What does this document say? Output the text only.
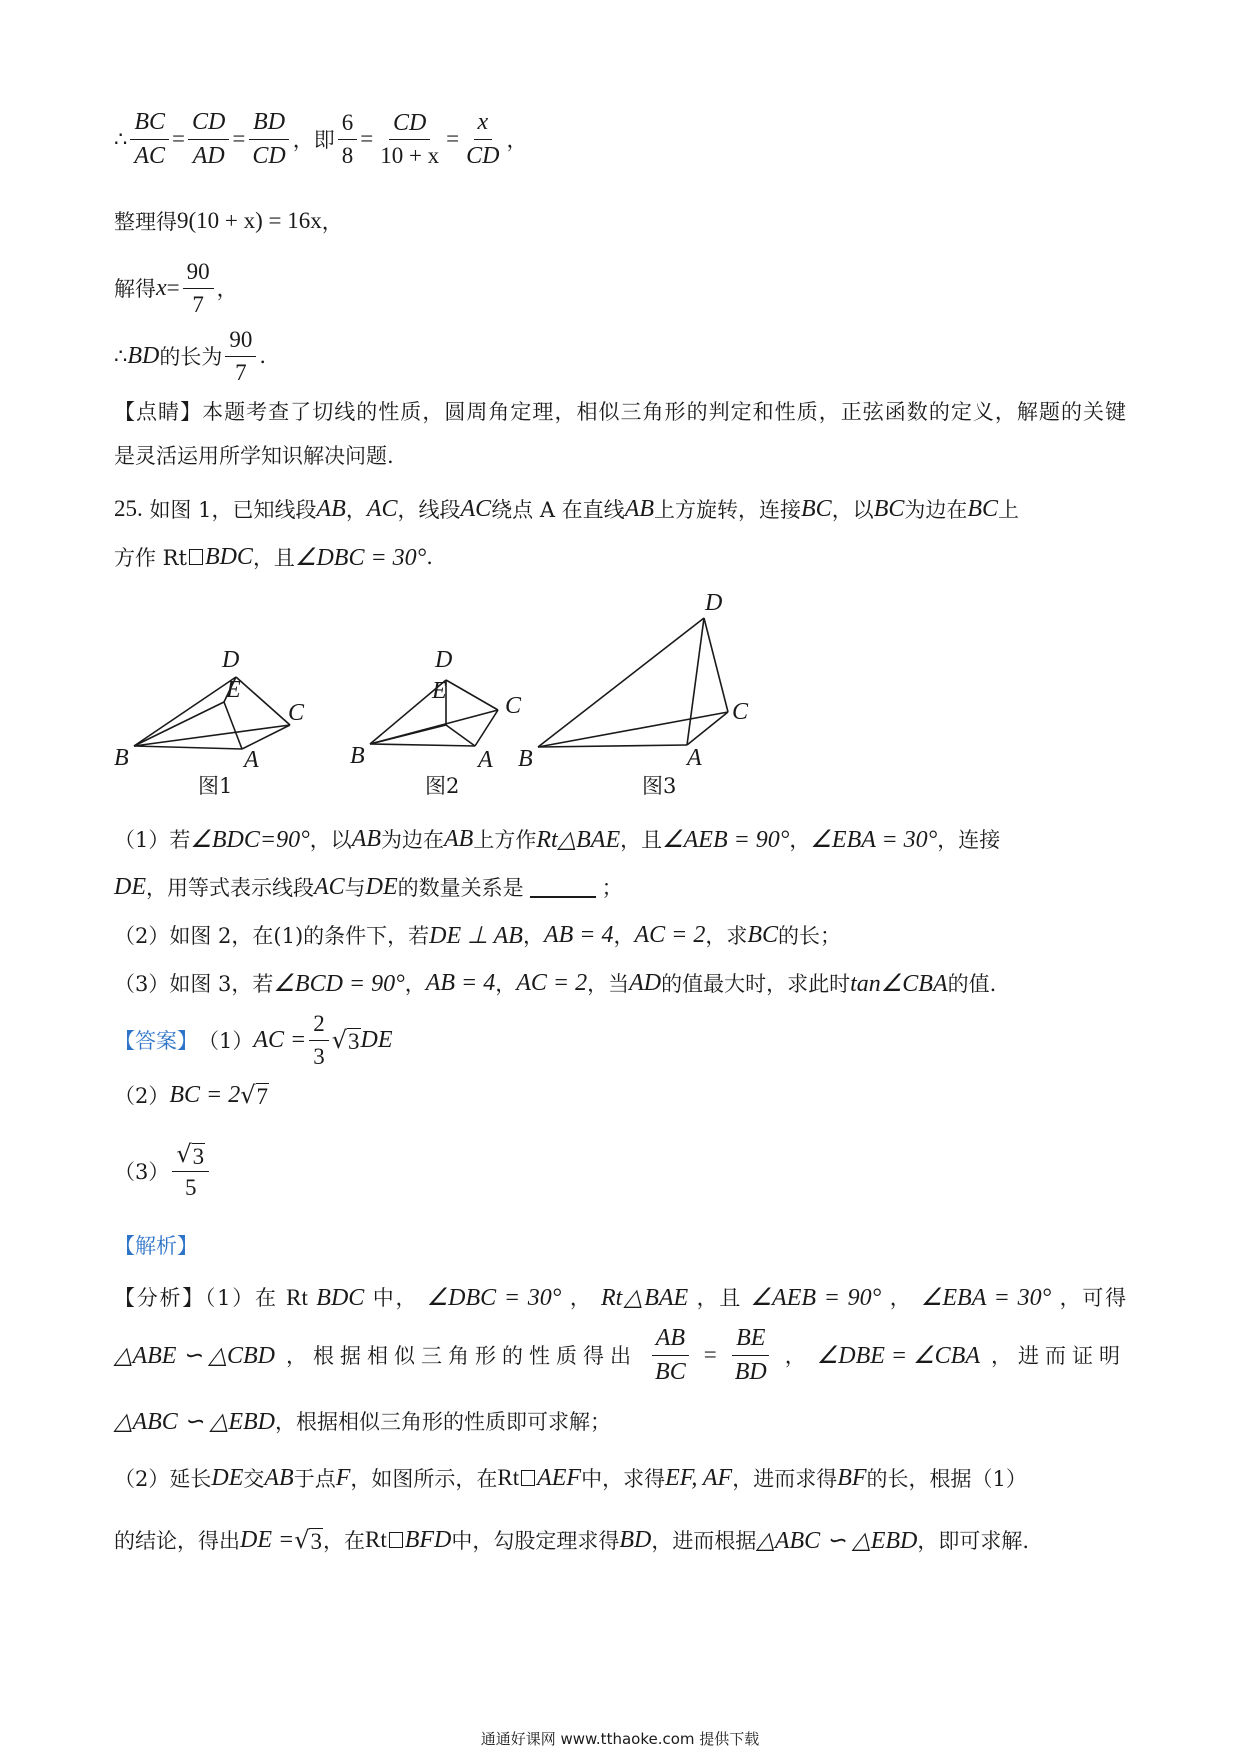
∴ $\frac{BC}{AC} = \frac{CD}{AD} = \frac{BD}{CD}$ ，即 $\frac{6}{8} = \frac{CD}{10 + x} = \frac{x}{CD}$ ，
整理得 9(10 + x) = 16x ，
解得 $x = \frac{90}{7}$ ，
∴ BD 的长为 $\frac{90}{7}$ .
【点睛】本题考查了切线的性质，圆周角定理，相似三角形的判定和性质，正弦函数的定义，解题的关键
是灵活运用所学知识解决问题.
25.
如图 1，已知线段 AB ， AC ，线段 AC 绕点 A 在直线 AB 上方旋转，连接 BC ，以 BC 为边在 BC 上
方作 Rt BDC ，且 ∠DBC = 30° .
D
E
C
B	A
图1
D
E
C
B	A
图2
D
C
B	A
图3
（1）若 ∠BDC=90° ，以 AB 为边在 AB 上方作 Rt△BAE ，且 ∠AEB = 90° ， ∠EBA = 30° ，连接
DE ，用等式表示线段 AC 与 DE 的数量关系是	；
（2）如图 2，在(1)的条件下，若 DE ⊥ AB ， AB = 4 ， AC = 2 ，求 BC 的长；
（3）如图 3，若 ∠BCD = 90° ， AB = 4 ， AC = 2 ，当 AD 的值最大时，求此时 tan∠CBA 的值.
【答案】 （1） AC = $\frac{2}{3}$ √ 3 DE
（2） BC = 2 √ 7
$(3) \frac{√ 3}{5}$
【解析】
【分析】（1）在 Rt BDC 中， ∠DBC = 30° ， Rt△BAE ，且 ∠AEB = 90° ， ∠EBA = 30° ，可得
△ABE ∽ △CBD ，根据相似三角形的性质得出 $\frac{AB}{BC} = \frac{BE}{BD}$ ， ∠DBE = ∠CBA ，进而证明
△ABC ∽ △EBD ，根据相似三角形的性质即可求解；
（2）延长 DE 交 AB 于点 F ，如图所示，在 Rt AEF 中，求得 EF, AF ，进而求得 BF 的长，根据（1）
的结论，得出 DE = √ 3 ，在 Rt BFD 中，勾股定理求得 BD ，进而根据 △ABC ∽ △EBD ，即可求解.
通通好课网 www.tthaoke.com 提供下载
